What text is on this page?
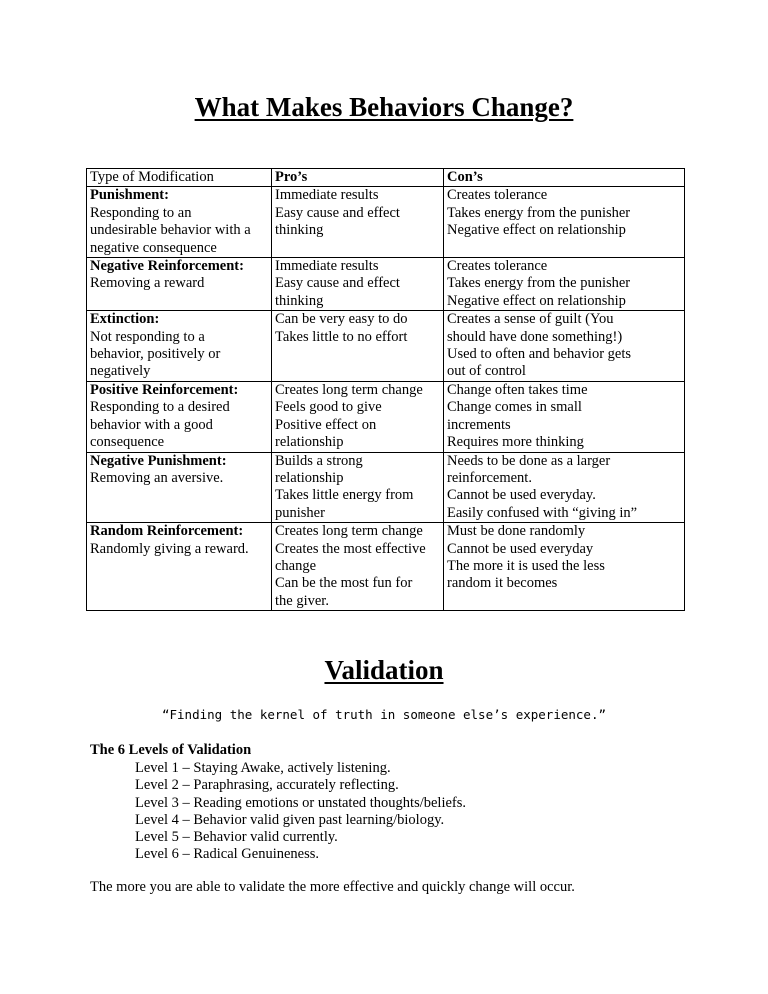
What Makes Behaviors Change?
Type of Modification	Pro’s	Con’s

Punishment:
Responding to an
undesirable behavior with a
negative consequence	Immediate results
Easy cause and effect
thinking	Creates tolerance
Takes energy from the punisher
Negative effect on relationship

Negative Reinforcement:
Removing a reward	Immediate results
Easy cause and effect
thinking	Creates tolerance
Takes energy from the punisher
Negative effect on relationship

Extinction:
Not responding to a
behavior, positively or
negatively	Can be very easy to do
Takes little to no effort	Creates a sense of guilt (You
should have done something!)
Used to often and behavior gets
out of control

Positive Reinforcement:
Responding to a desired
behavior with a good
consequence	Creates long term change
Feels good to give
Positive effect on
relationship	Change often takes time
Change comes in small
increments
Requires more thinking

Negative Punishment:
Removing an aversive.	Builds a strong
relationship
Takes little energy from
punisher	Needs to be done as a larger
reinforcement.
Cannot be used everyday.
Easily confused with “giving in”

Random Reinforcement:
Randomly giving a reward.	Creates long term change
Creates the most effective
change
Can be the most fun for
the giver.	Must be done randomly
Cannot be used everyday
The more it is used the less
random it becomes
Validation
“Finding the kernel of truth in someone else’s experience.”
The 6 Levels of Validation
Level 1 – Staying Awake, actively listening.
Level 2 – Paraphrasing, accurately reflecting.
Level 3 – Reading emotions or unstated thoughts/beliefs.
Level 4 – Behavior valid given past learning/biology.
Level 5 – Behavior valid currently.
Level 6 – Radical Genuineness.
The more you are able to validate the more effective and quickly change will occur.
